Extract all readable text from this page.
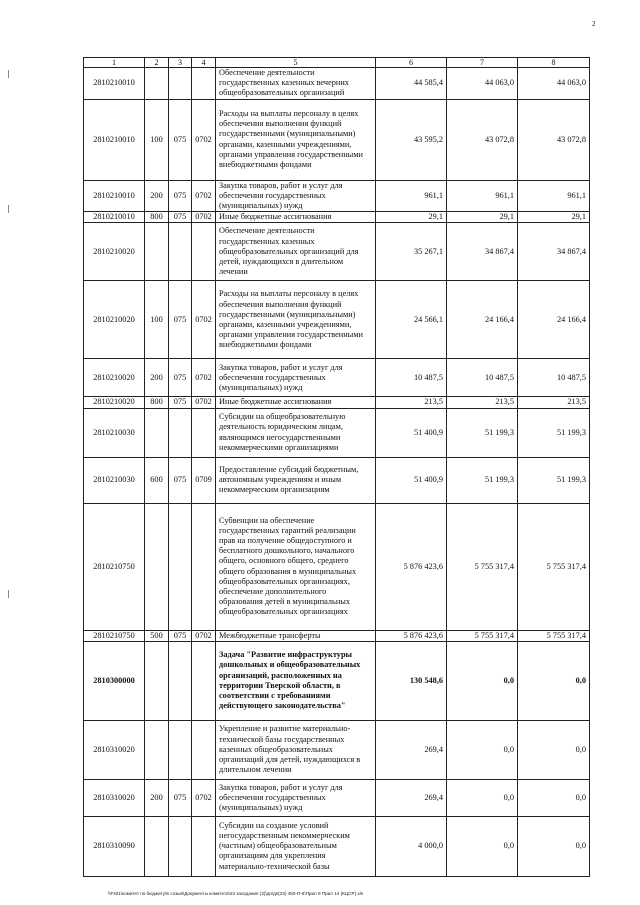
2
1	2	3	4	5	6	7	8
2810210010				Обеспечение деятельности государственных казенных вечерних общеобразовательных организаций	44 585,4	44 063,0	44 063,0
2810210010	100	075	0702	Расходы на выплаты персоналу в целях обеспечения выполнения функций государственными (муниципальными) органами, казенными учреждениями, органами управления государственными внебюджетными фондами	43 595,2	43 072,8	43 072,8
2810210010	200	075	0702	Закупка товаров, работ и услуг для обеспечения государственных (муниципальных) нужд	961,1	961,1	961,1
2810210010	800	075	0702	Иные бюджетные ассигнования	29,1	29,1	29,1
2810210020				Обеспечение деятельности государственных казенных общеобразовательных организаций для детей, нуждающихся в длительном лечении	35 267,1	34 867,4	34 867,4
2810210020	100	075	0702	Расходы на выплаты персоналу в целях обеспечения выполнения функций государственными (муниципальными) органами, казенными учреждениями, органами управления государственными внебюджетными фондами	24 566,1	24 166,4	24 166,4
2810210020	200	075	0702	Закупка товаров, работ и услуг для обеспечения государственных (муниципальных) нужд	10 487,5	10 487,5	10 487,5
2810210020	800	075	0702	Иные бюджетные ассигнования	213,5	213,5	213,5
2810210030				Субсидии на общеобразовательную деятельность юридическим лицам, являющимся негосударственными некоммерческими организациями	51 400,9	51 199,3	51 199,3
2810210030	600	075	0709	Предоставление субсидий бюджетным, автономным учреждениям и иным некоммерческим организациям	51 400,9	51 199,3	51 199,3
2810210750				Субвенции на обеспечение государственных гарантий реализации прав на получение общедоступного и бесплатного дошкольного, начального общего, основного общего, среднего общего образования в муниципальных общеобразовательных организациях, обеспечение дополнительного образования детей в муниципальных общеобразовательных организациях	5 876 423,6	5 755 317,4	5 755 317,4
2810210750	500	075	0702	Межбюджетные трансферты	5 876 423,6	5 755 317,4	5 755 317,4
2810300000				Задача "Развитие инфраструктуры дошкольных и общеобразовательных организаций, расположенных на территории Тверской области, в соответствии с требованиями действующего законодательства"	130 548,6	0,0	0,0
2810310020				Укрепление и развитие материально-технической базы государственных казенных общеобразовательных организаций для детей, нуждающихся в длительном лечении	269,4	0,0	0,0
2810310020	200	075	0702	Закупка товаров, работ и услуг для обеспечения государственных (муниципальных) нужд	269,4	0,0	0,0
2810310090				Субсидии на создание условий негосударственным некоммерческим (частным) общеобразовательным организациям для укрепления материально-технической базы	4 000,0	0,0	0,0
\\Fs01\комитет по бюджету\6 созыв\Документы комитета\23 заседание (2)\дп\дп(23) 450-П-6\Прил 9 Прил 14 (КЦСР).xls
